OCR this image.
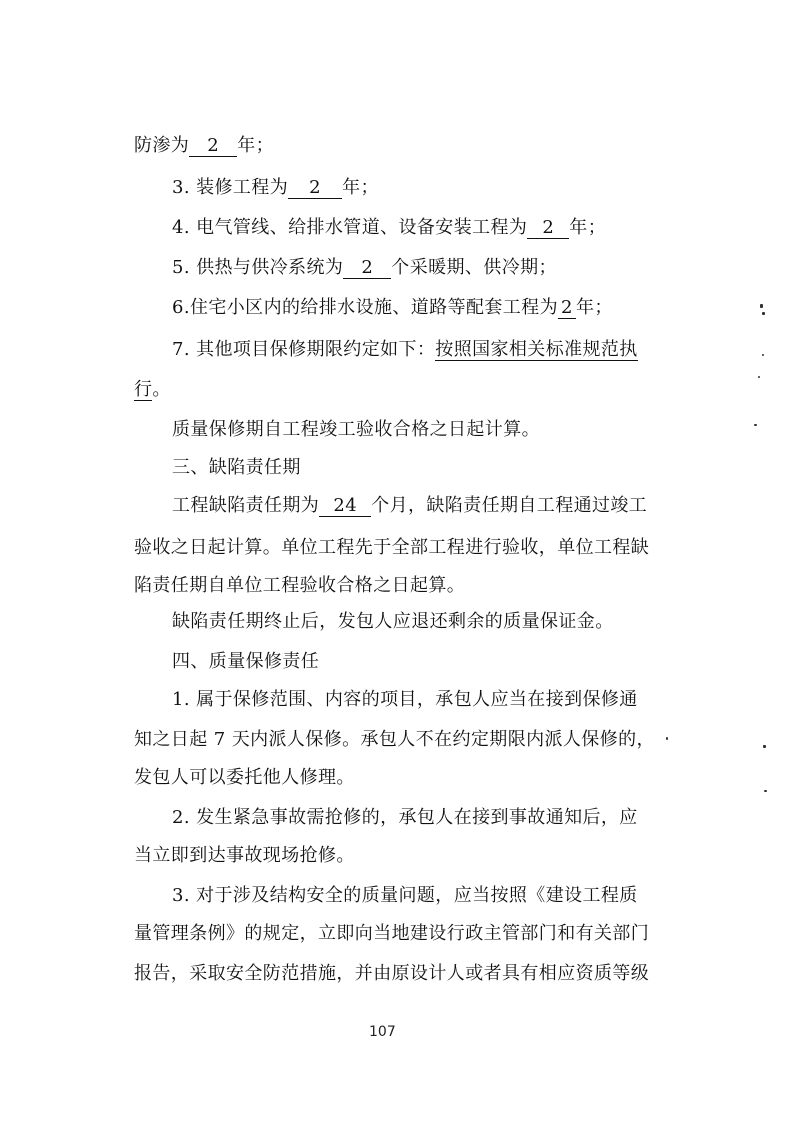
防渗为 2 年；
3. 装修工程为 2 年；
4. 电气管线、给排水管道、设备安装工程为 2 年；
5. 供热与供冷系统为 2 个采暖期、供冷期；
6.住宅小区内的给排水设施、道路等配套工程为 2 年；
7. 其他项目保修期限约定如下：按照国家相关标准规范执
行。
质量保修期自工程竣工验收合格之日起计算。
三、缺陷责任期
工程缺陷责任期为 24 个月，缺陷责任期自工程通过竣工
验收之日起计算。单位工程先于全部工程进行验收，单位工程缺
陷责任期自单位工程验收合格之日起算。
缺陷责任期终止后，发包人应退还剩余的质量保证金。
四、质量保修责任
1. 属于保修范围、内容的项目，承包人应当在接到保修通
知之日起 7 天内派人保修。承包人不在约定期限内派人保修的，
发包人可以委托他人修理。
2. 发生紧急事故需抢修的，承包人在接到事故通知后，应
当立即到达事故现场抢修。
3. 对于涉及结构安全的质量问题，应当按照《建设工程质
量管理条例》的规定，立即向当地建设行政主管部门和有关部门
报告，采取安全防范措施，并由原设计人或者具有相应资质等级
107
